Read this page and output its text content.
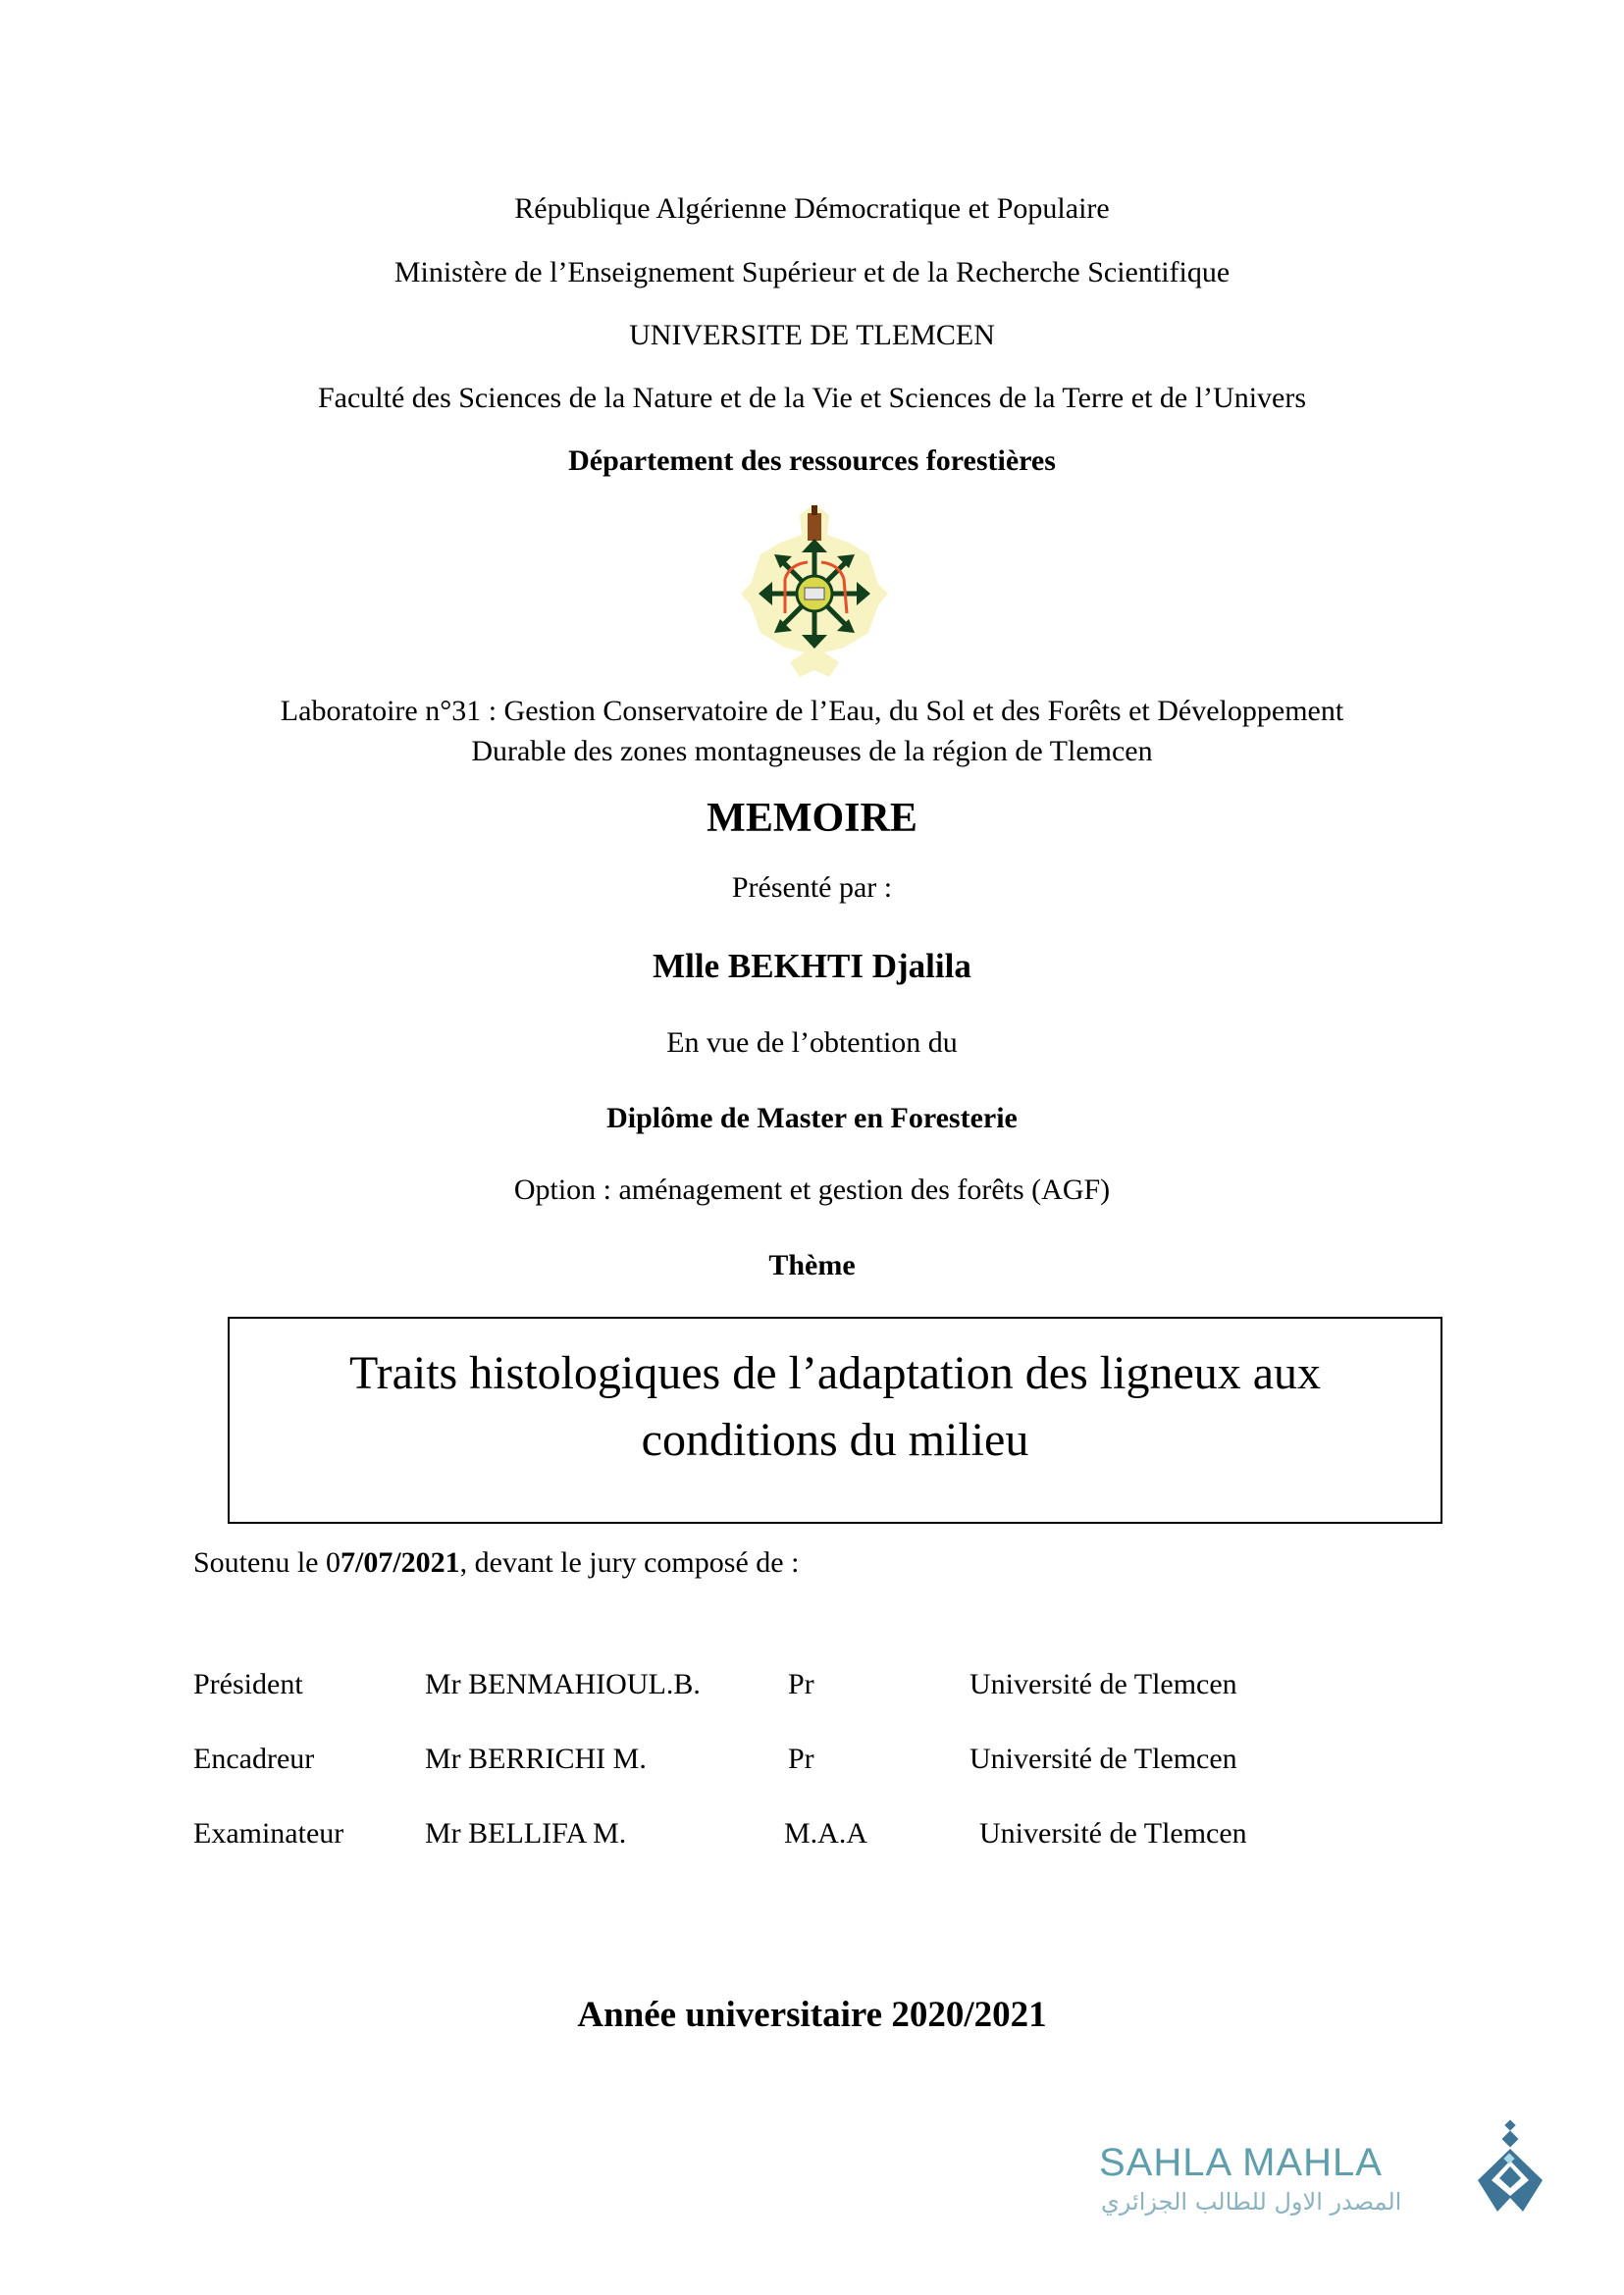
République Algérienne Démocratique et Populaire
Ministère de l’Enseignement Supérieur et de la Recherche Scientifique
UNIVERSITE DE TLEMCEN
Faculté des Sciences de la Nature et de la Vie et Sciences de la Terre et de l’Univers
Département des ressources forestières
Laboratoire n°31 : Gestion Conservatoire de l’Eau, du Sol et des Forêts et Développement
Durable des zones montagneuses de la région de Tlemcen
MEMOIRE
Présenté par :
Mlle BEKHTI Djalila
En vue de l’obtention du
Diplôme de Master en Foresterie
Option : aménagement et gestion des forêts (AGF)
Thème
Traits histologiques de l’adaptation des ligneux aux
conditions du milieu
Soutenu le 07/07/2021, devant le jury composé de :
Président	Mr BENMAHIOUL.B.	Pr	Université de Tlemcen
Encadreur	Mr BERRICHI M.	Pr	Université de Tlemcen
Examinateur	Mr BELLIFA M.	M.A.A	Université de Tlemcen
Année universitaire 2020/2021
SAHLA MAHLA
المصدر الاول للطالب الجزائري
